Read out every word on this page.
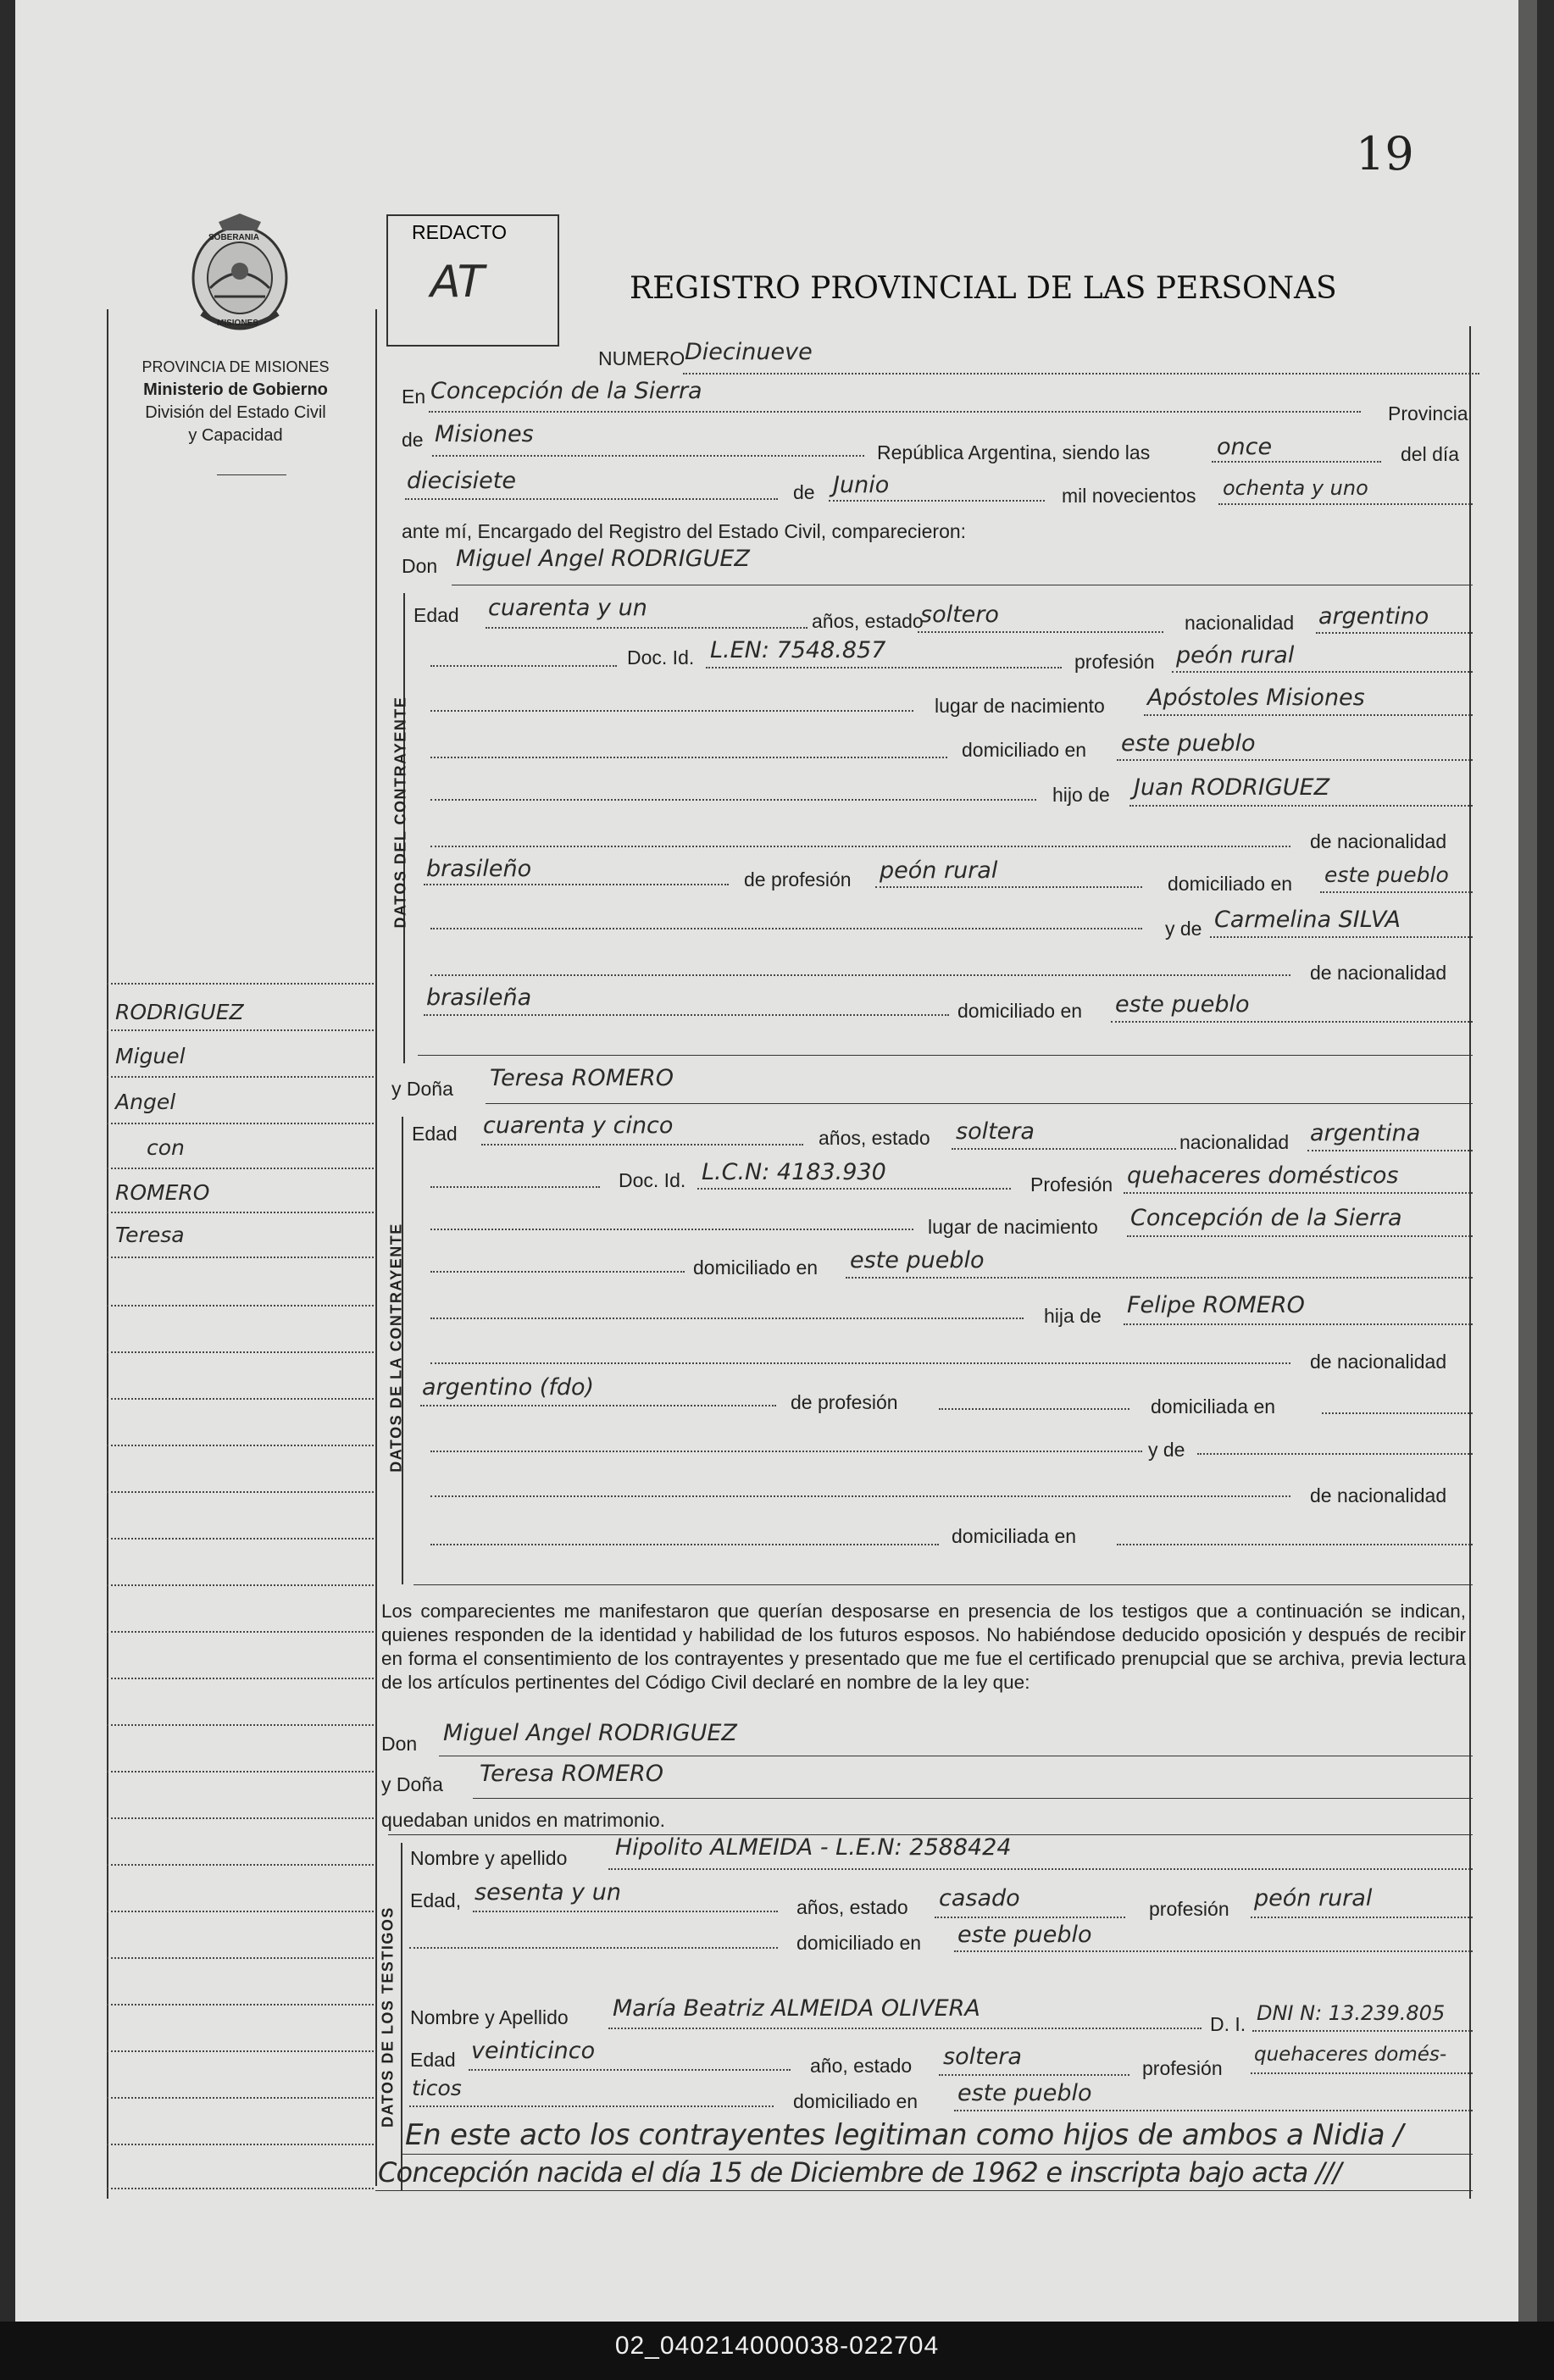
19
SOBERANIA
MISIONES
PROVINCIA DE MISIONES
Ministerio de Gobierno
División del Estado Civil
y Capacidad
REDACTO
AT	REGISTRO PROVINCIAL DE LAS PERSONAS
RODRIGUEZ
Miguel
Angel
con
ROMERO
Teresa
NUMERO Diecinueve
En Concepción de la Sierra
Provincia
de Misiones
República Argentina, siendo las	once	del día
diecisiete	de Junio	mil novecientos ochenta y uno
ante mí, Encargado del Registro del Estado Civil, comparecieron:
Don Miguel Angel RODRIGUEZ
DATOS DEL CONTRAYENTE
Edad cuarenta y un	años, estado
soltero	nacionalidad argentino
Doc. Id. L.EN: 7548.857	profesión peón rural
lugar de nacimiento Apóstoles Misiones
domiciliado en este pueblo
hijo de Juan RODRIGUEZ
de nacionalidad
brasileño	de profesión peón rural	domiciliado en este pueblo
y de Carmelina SILVA
de nacionalidad
brasileña	domiciliado en este pueblo
y Doña Teresa ROMERO
DATOS DE LA CONTRAYENTE
Edad cuarenta y cinco	años, estado soltera	nacionalidad argentina
Doc. Id. L.C.N: 4183.930	Profesión quehaceres domésticos
lugar de nacimiento Concepción de la Sierra
domiciliado en este pueblo
hija de Felipe ROMERO
de nacionalidad
argentino (fdo)
de profesión	domiciliada en
y de
de nacionalidad
domiciliada en
Los comparecientes me manifestaron que querían desposarse en presencia de los testigos que a continuación se indican, quienes responden de la identidad y habilidad de los futuros esposos. No habiéndose deducido oposición y después de recibir en forma el consentimiento de los contrayentes y presentado que me fue el certificado prenupcial que se archiva, previa lectura de los artículos pertinentes del Código Civil declaré en nombre de la ley que:
Don Miguel Angel RODRIGUEZ
y Doña Teresa ROMERO
quedaban unidos en matrimonio.
DATOS DE LOS TESTIGOS
Nombre y apellido Hipolito ALMEIDA - L.E.N: 2588424
Edad, sesenta y un
años, estado casado	profesión peón rural
domiciliado en este pueblo
Nombre y Apellido María Beatriz ALMEIDA OLIVERA
D. I. DNI N: 13.239.805
Edad veinticinco
año, estado soltera	profesión
quehaceres domés-
ticos
domiciliado en este pueblo
En este acto los contrayentes legitiman como hijos de ambos a Nidia /
Concepción nacida el día 15 de Diciembre de 1962 e inscripta bajo acta ///
02_040214000038-022704
